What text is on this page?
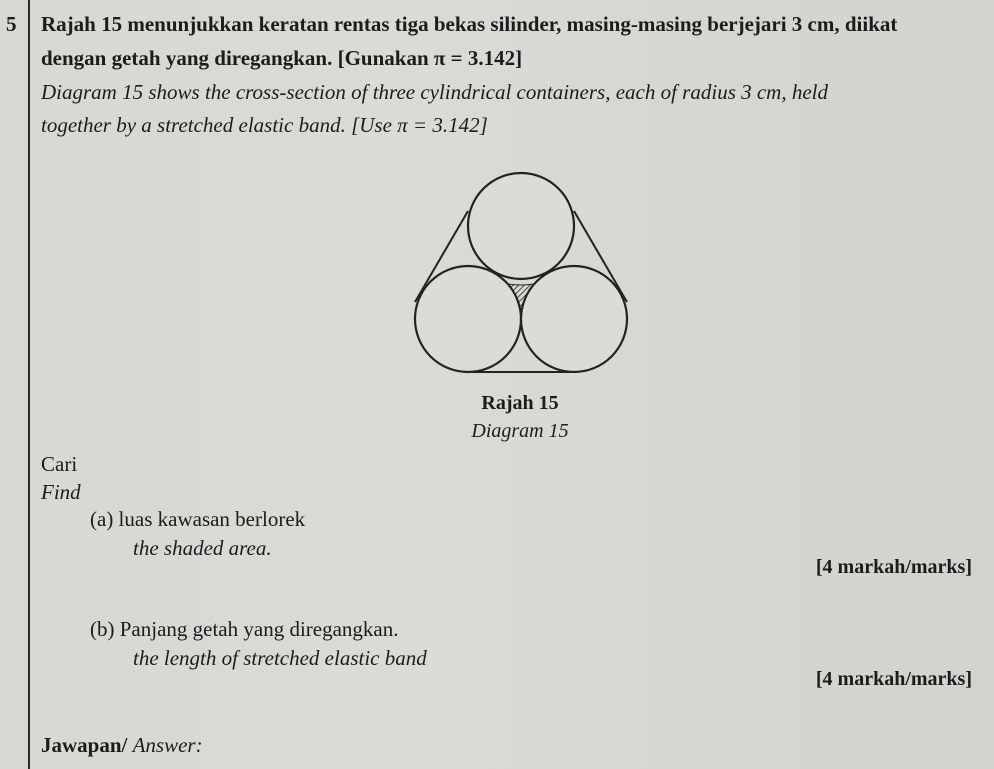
5 Rajah 15 menunjukkan keratan rentas tiga bekas silinder, masing-masing berjejari 3 cm, diikat
dengan getah yang diregangkan. [Gunakan π = 3.142]
Diagram 15 shows the cross-section of three cylindrical containers, each of radius 3 cm, held
together by a stretched elastic band. [Use π = 3.142]
Rajah 15
Diagram 15
Cari
Find
(a) luas kawasan berlorek
the shaded area.
[4 markah/marks]
(b) Panjang getah yang diregangkan.
the length of stretched elastic band
[4 markah/marks]
Jawapan/ Answer:
